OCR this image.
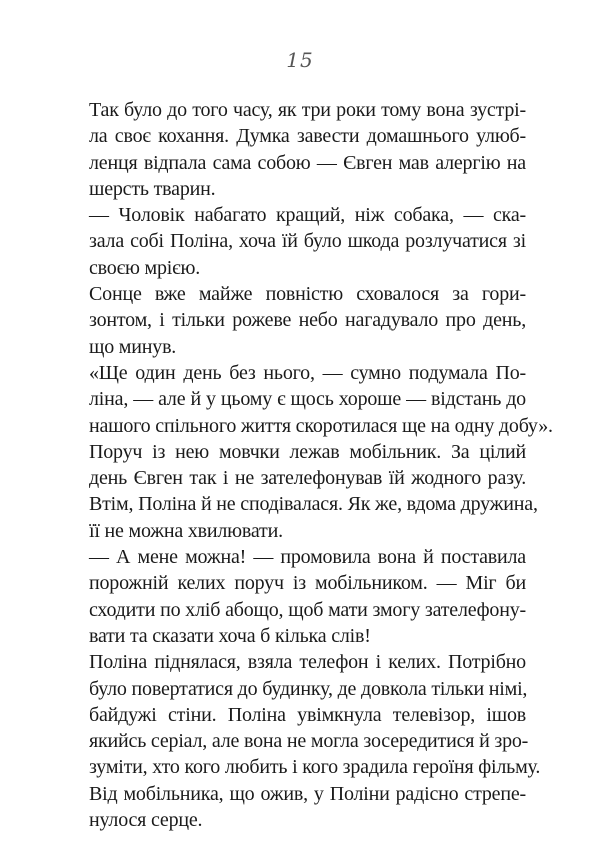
15
Так було до того часу, як три роки тому вона зустрі-
ла своє кохання. Думка завести домашнього улюб-
ленця відпала сама собою — Євген мав алергію на
шерсть тварин.
— Чоловік набагато кращий, ніж собака, — ска-
зала собі Поліна, хоча їй було шкода розлучатися зі
своєю мрією.
Сонце вже майже повністю сховалося за гори-
зонтом, і тільки рожеве небо нагадувало про день,
що минув.
«Ще один день без нього, — сумно подумала По-
ліна, — але й у цьому є щось хороше — відстань до
нашого спільного життя скоротилася ще на одну добу».
Поруч із нею мовчки лежав мобільник. За цілий
день Євген так і не зателефонував їй жодного разу.
Втім, Поліна й не сподівалася. Як же, вдома дружина,
її не можна хвилювати.
— А мене можна! — промовила вона й поставила
порожній келих поруч із мобільником. — Міг би
сходити по хліб абощо, щоб мати змогу зателефону-
вати та сказати хоча б кілька слів!
Поліна піднялася, взяла телефон і келих. Потрібно
було повертатися до будинку, де довкола тільки німі,
байдужі стіни. Поліна увімкнула телевізор, ішов
якийсь серіал, але вона не могла зосередитися й зро-
зуміти, хто кого любить і кого зрадила героїня фільму.
Від мобільника, що ожив, у Поліни радісно стрепе-
нулося серце.
